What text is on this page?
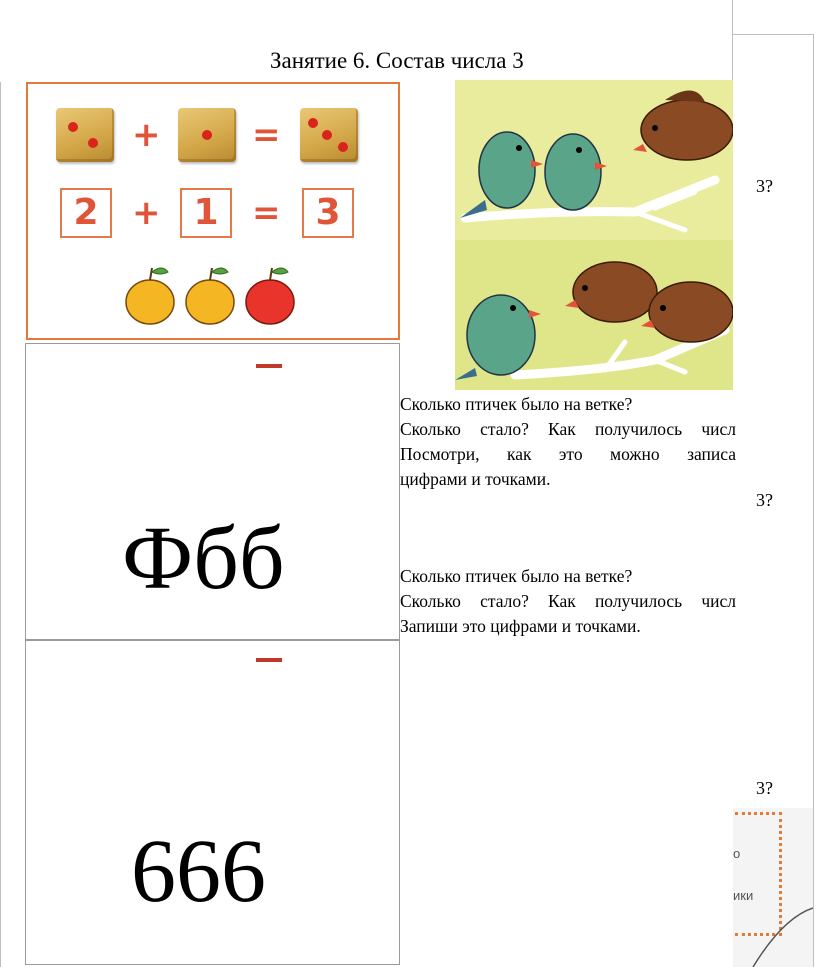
Занятие 6. Состав числа 3
+	=
2 + 1 = 3
Фбб
666
3?
3?
3?
Сколько птичек было на ветке?
Сколько стало? Как получилось числ
Посмотри, как это можно записа
цифрами и точками.
Сколько птичек было на ветке?
Сколько стало? Как получилось числ
Запиши это цифрами и точками.
о
ики
